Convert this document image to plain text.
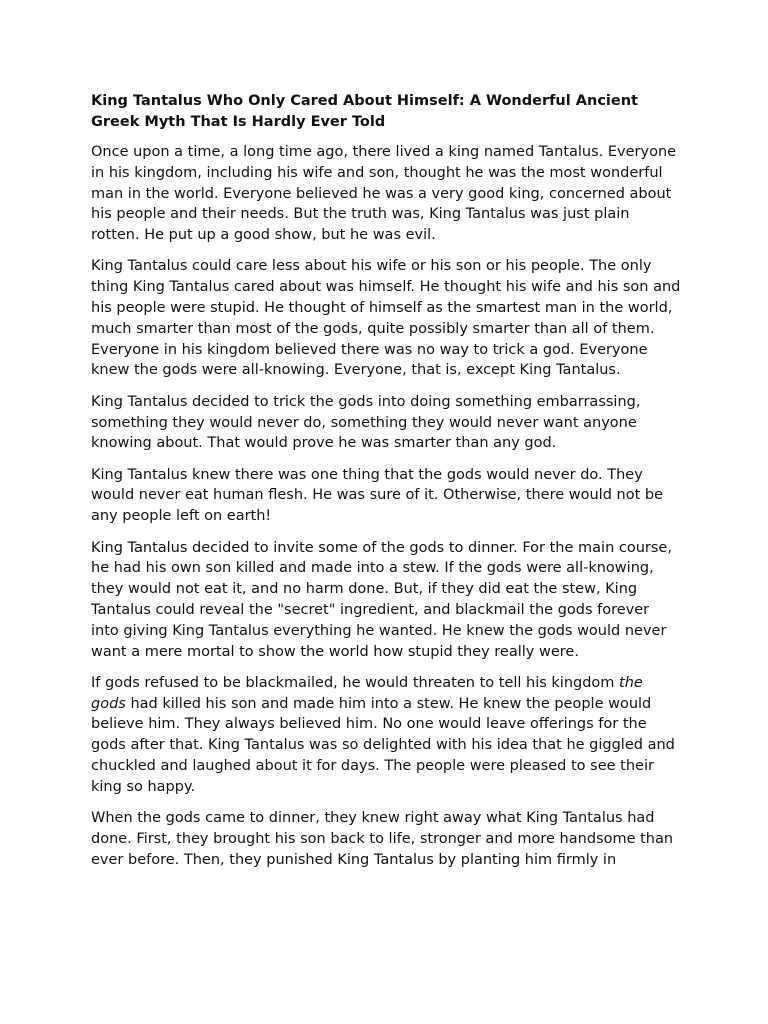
King Tantalus Who Only Cared About Himself: A Wonderful Ancient Greek Myth That Is Hardly Ever Told

Once upon a time, a long time ago, there lived a king named Tantalus. Everyone in his kingdom, including his wife and son, thought he was the most wonderful man in the world. Everyone believed he was a very good king, concerned about his people and their needs. But the truth was, King Tantalus was just plain rotten. He put up a good show, but he was evil.

King Tantalus could care less about his wife or his son or his people. The only thing King Tantalus cared about was himself. He thought his wife and his son and his people were stupid. He thought of himself as the smartest man in the world, much smarter than most of the gods, quite possibly smarter than all of them. Everyone in his kingdom believed there was no way to trick a god. Everyone knew the gods were all-knowing. Everyone, that is, except King Tantalus.

King Tantalus decided to trick the gods into doing something embarrassing, something they would never do, something they would never want anyone knowing about. That would prove he was smarter than any god.

King Tantalus knew there was one thing that the gods would never do. They would never eat human flesh. He was sure of it. Otherwise, there would not be any people left on earth!

King Tantalus decided to invite some of the gods to dinner. For the main course, he had his own son killed and made into a stew. If the gods were all-knowing, they would not eat it, and no harm done. But, if they did eat the stew, King Tantalus could reveal the "secret" ingredient, and blackmail the gods forever into giving King Tantalus everything he wanted. He knew the gods would never want a mere mortal to show the world how stupid they really were.

If gods refused to be blackmailed, he would threaten to tell his kingdom the gods had killed his son and made him into a stew. He knew the people would believe him. They always believed him. No one would leave offerings for the gods after that. King Tantalus was so delighted with his idea that he giggled and chuckled and laughed about it for days. The people were pleased to see their king so happy.

When the gods came to dinner, they knew right away what King Tantalus had done. First, they brought his son back to life, stronger and more handsome than ever before. Then, they punished King Tantalus by planting him firmly in
